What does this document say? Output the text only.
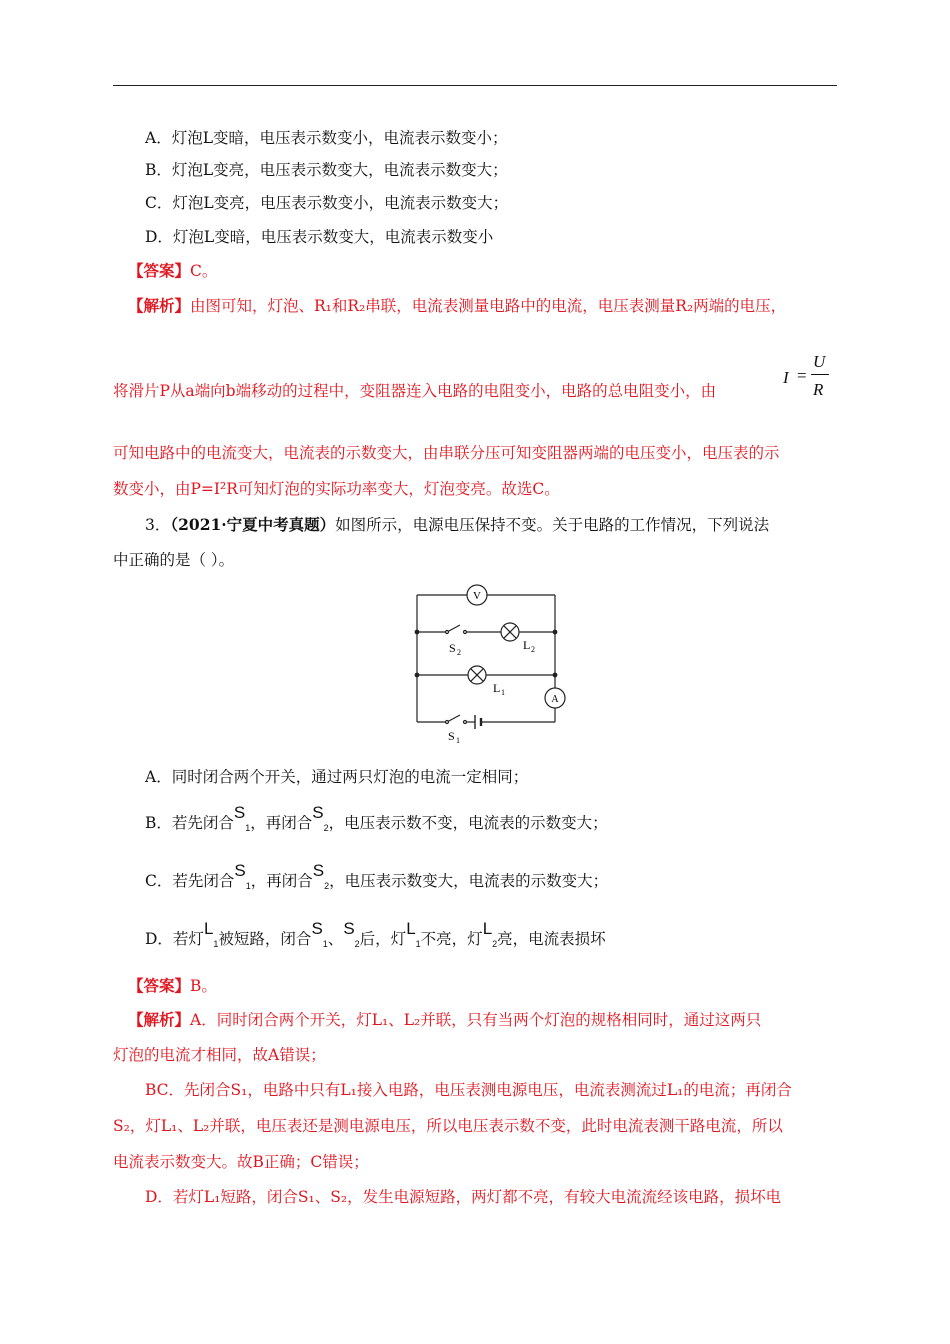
A．灯泡L变暗，电压表示数变小，电流表示数变小；
B．灯泡L变亮，电压表示数变大，电流表示数变大；
C．灯泡L变亮，电压表示数变小，电流表示数变大；
D．灯泡L变暗，电压表示数变大，电流表示数变小
【答案】C。
【解析】由图可知，灯泡、R₁和R₂串联，电流表测量电路中的电流，电压表测量R₂两端的电压，
将滑片P从a端向b端移动的过程中，变阻器连入电路的电阻变小，电路的总电阻变小，由
I =
U
R
可知电路中的电流变大，电流表的示数变大，由串联分压可知变阻器两端的电压变小，电压表的示
数变小，由P=I²R可知灯泡的实际功率变大，灯泡变亮。故选C。
3．（2021·宁夏中考真题）如图所示，电源电压保持不变。关于电路的工作情况，下列说法
中正确的是（ ）。
V
A
S 2
L 2
L 1
S 1
A．同时闭合两个开关，通过两只灯泡的电流一定相同；
B．若先闭合$S_1$，再闭合$S_2$，电压表示数不变，电流表的示数变大；
C．若先闭合$S_1$，再闭合$S_2$，电压表示数变大，电流表的示数变大；
D．若灯$L_1$被短路，闭合$S_1$、$S_2$后，灯$L_1$不亮，灯$L_2$亮，电流表损坏
【答案】B。
【解析】A．同时闭合两个开关，灯L₁、L₂并联，只有当两个灯泡的规格相同时，通过这两只
灯泡的电流才相同，故A错误；
BC．先闭合S₁，电路中只有L₁接入电路，电压表测电源电压，电流表测流过L₁的电流；再闭合
S₂，灯L₁、L₂并联，电压表还是测电源电压，所以电压表示数不变，此时电流表测干路电流，所以
电流表示数变大。故B正确；C错误；
D．若灯L₁短路，闭合S₁、S₂，发生电源短路，两灯都不亮，有较大电流流经该电路，损坏电
